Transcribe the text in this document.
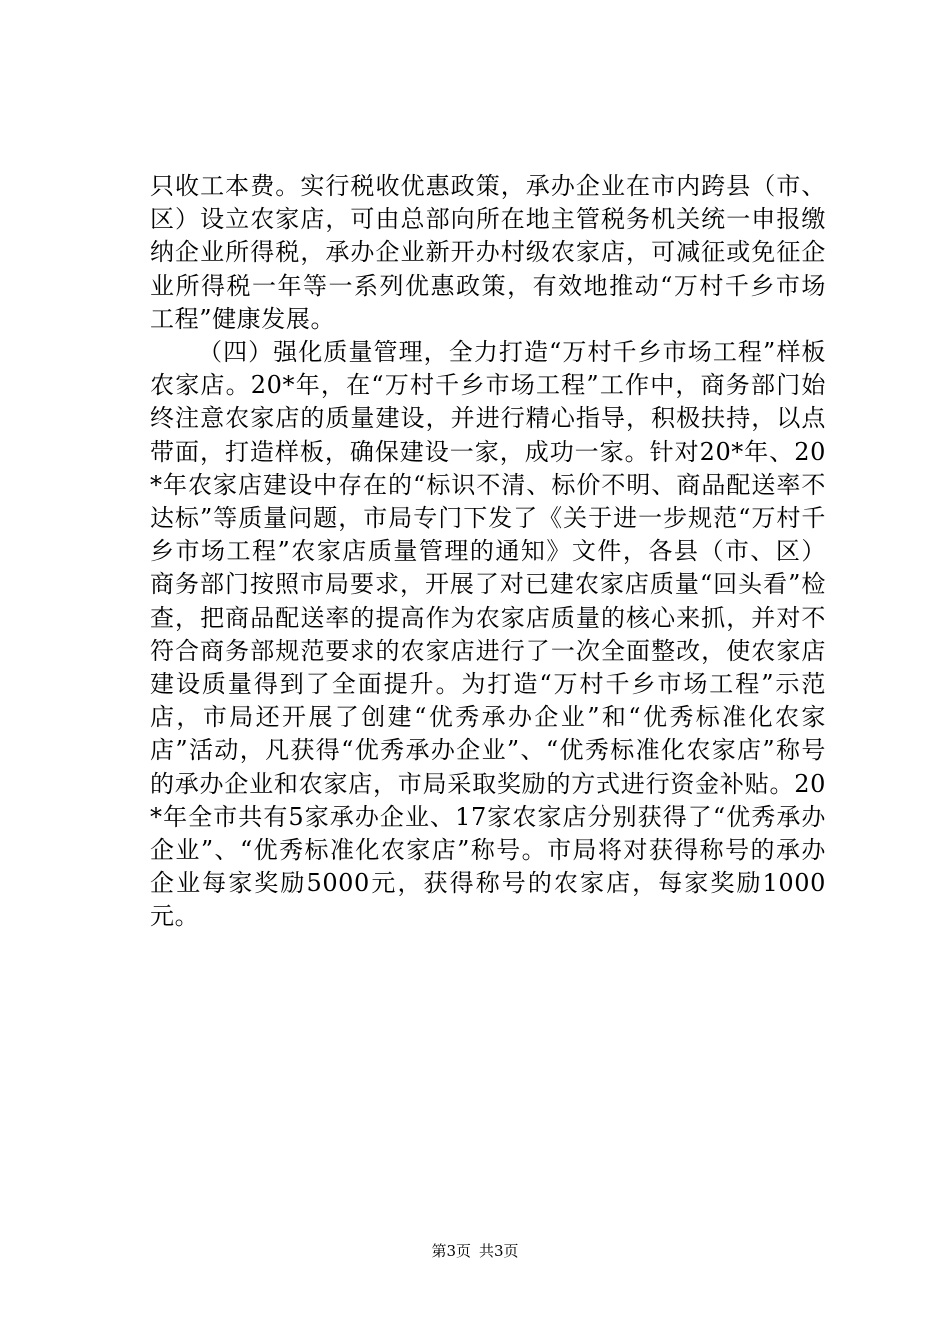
只收工本费。实行税收优惠政策，承办企业在市内跨县（市、区）设立农家店，可由总部向所在地主管税务机关统一申报缴纳企业所得税，承办企业新开办村级农家店，可减征或免征企业所得税一年等一系列优惠政策，有效地推动“万村千乡市场工程”健康发展。

（四）强化质量管理，全力打造“万村千乡市场工程”样板农家店。20*年，在“万村千乡市场工程”工作中，商务部门始终注意农家店的质量建设，并进行精心指导，积极扶持，以点带面，打造样板，确保建设一家，成功一家。针对20*年、20*年农家店建设中存在的“标识不清、标价不明、商品配送率不达标”等质量问题，市局专门下发了《关于进一步规范“万村千乡市场工程”农家店质量管理的通知》文件，各县（市、区）商务部门按照市局要求，开展了对已建农家店质量“回头看”检查，把商品配送率的提高作为农家店质量的核心来抓，并对不符合商务部规范要求的农家店进行了一次全面整改，使农家店建设质量得到了全面提升。为打造“万村千乡市场工程”示范店，市局还开展了创建“优秀承办企业”和“优秀标准化农家店”活动，凡获得“优秀承办企业”、“优秀标准化农家店”称号的承办企业和农家店，市局采取奖励的方式进行资金补贴。20*年全市共有5家承办企业、17家农家店分别获得了“优秀承办企业”、“优秀标准化农家店”称号。市局将对获得称号的承办企业每家奖励5000元，获得称号的农家店，每家奖励1000元。

第3页 共3页
